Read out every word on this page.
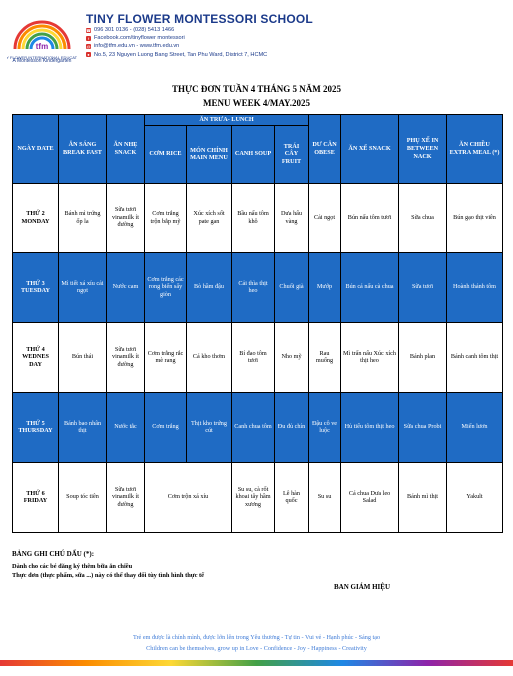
tfm
FLOWER INTERNATIONAL EDUCAT
A Montessori Kindergarten
TINY FLOWER MONTESSORI SCHOOL
☎ 096 301 0136 - (028) 5413 1466
f Facebook.com/tinyflower montessori
@ info@tfm.edu.vn - www.tfm.edu.vn
● No.5, 23 Nguyen Luong Bang Street, Tan Phu Ward, District 7, HCMC
THỰC ĐƠN TUẦN 4 THÁNG 5 NĂM 2025
MENU WEEK 4/MAY.2025
NGÀY DATE	ĂN SÁNG BREAK FAST	ĂN NHẸ SNACK	ĂN TRƯA- LUNCH				DƯ CÂN OBESE	ĂN XẾ SNACK	PHỤ XẾ IN BETWEEN NACK	ĂN CHIỀU EXTRA MEAL (*)
			CƠM RICE	MÓN CHÍNH MAIN MENU	CANH SOUP	TRÁI CÂY FRUIT				
THỨ 2 MONDAY	Bánh mì trứng ốp la	Sữa tươi vinamilk ít đường	Cơm trắng trộn bắp mỹ	Xúc xích sốt pate gan	Bầu nấu tôm khô	Dưa hấu vàng	Cải ngọt	Bún nấu tôm tươi	Sữa chua	Bún gạo thịt viên
THỨ 3 TUESDAY	Mì tiết xá xíu cải ngọt	Nước cam	Cơm trắng các rong biển sấy giòn	Bò hầm đậu	Cải thìa thịt heo	Chuối già	Mướp	Bún cá nấu cà chua	Sữa tươi	Hoành thánh tôm
THỨ 4 WEDNES DAY	Bún thái	Sữa tươi vinamilk ít đường	Cơm trắng rắc mè rang	Cá kho thơm	Bí đao tôm tươi	Nho mỹ	Rau muống	Mì trấn nấu Xúc xích thịt heo	Bánh plan	Bánh canh tôm thịt
THỨ 5 THURSDAY	Bánh bao nhân thịt	Nước tắc	Cơm trắng	Thịt kho trứng cút	Canh chua tôm	Đu đủ chín	Đậu cô ve luộc	Hủ tiếu tôm thịt heo	Sữa chua Probi	Miến lươn
THỨ 6 FRIDAY	Soup tóc tiên	Sữa tươi vinamilk ít đường	Cơm trộn xá xíu		Su su, cà rốt khoai tây hầm xương	Lê hàn quốc	Su su	Cá chua Dưa leo Salad	Bánh mì thịt	Yakult
BẢNG GHI CHÚ DẤU (*):
Dành cho các bé đăng ký thêm bữa ăn chiều
Thực đơn (thực phẩm, sữa ...) này có thể thay đổi tùy tình hình thực tế
BAN GIÁM HIỆU
Trẻ em được là chính mình, được lớn lên trong Yêu thương - Tự tin - Vui vẻ - Hạnh phúc - Sáng tạo
Children can be themselves, grow up in Love - Confidence - Joy - Happiness - Creativity
